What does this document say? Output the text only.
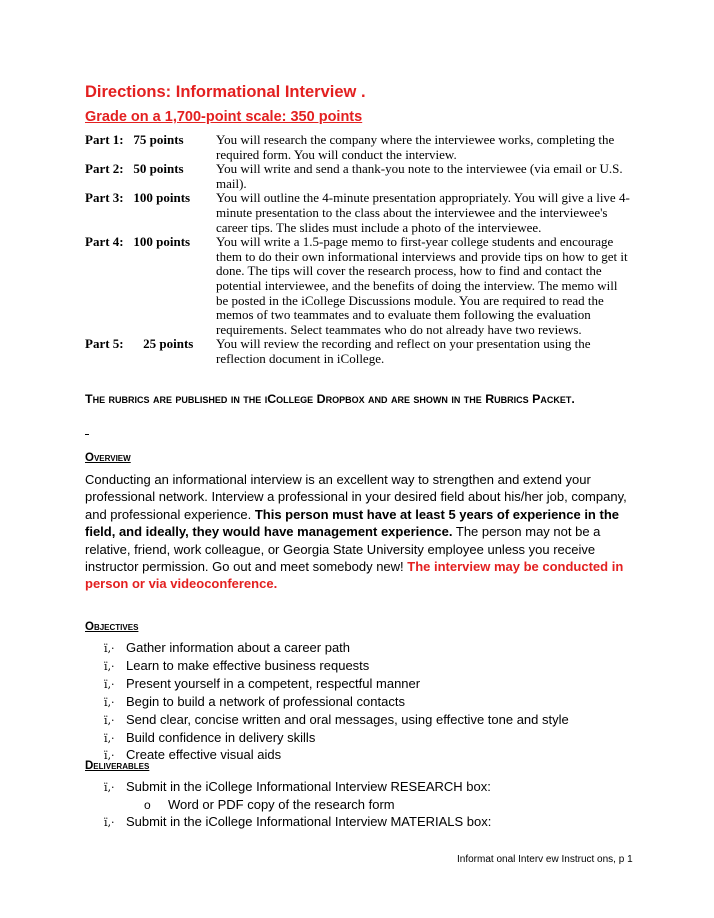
Directions: Informational Interview .
Grade on a 1,700-point scale: 350 points
Part 1:   75 points You will research the company where the interviewee works, completing the required form. You will conduct the interview.
Part 2:   50 points You will write and send a thank-you note to the interviewee (via email or U.S. mail).
Part 3:   100 points You will outline the 4-minute presentation appropriately. You will give a live 4-minute presentation to the class about the interviewee and the interviewee's career tips. The slides must include a photo of the interviewee.
Part 4:   100 points You will write a 1.5-page memo to first-year college students and encourage them to do their own informational interviews and provide tips on how to get it done. The tips will cover the research process, how to find and contact the potential interviewee, and the benefits of doing the interview. The memo will be posted in the iCollege Discussions module. You are required to read the memos of two teammates and to evaluate them following the evaluation requirements. Select teammates who do not already have two reviews.
Part 5:      25 points You will review the recording and reflect on your presentation using the reflection document in iCollege.
The rubrics are published in the iCollege Dropbox and are shown in the Rubrics Packet.
Overview
Conducting an informational interview is an excellent way to strengthen and extend your professional network. Interview a professional in your desired field about his/her job, company, and professional experience. This person must have at least 5 years of experience in the field, and ideally, they would have management experience. The person may not be a relative, friend, work colleague, or Georgia State University employee unless you receive instructor permission. Go out and meet somebody new! The interview may be conducted in person or via videoconference.
Objectives
ï‚· Gather information about a career path
ï‚· Learn to make effective business requests
ï‚· Present yourself in a competent, respectful manner
ï‚· Begin to build a network of professional contacts
ï‚· Send clear, concise written and oral messages, using effective tone and style
ï‚· Build confidence in delivery skills
ï‚· Create effective visual aids
Deliverables
ï‚· Submit in the iCollege Informational Interview RESEARCH box:
o Word or PDF copy of the research form
ï‚· Submit in the iCollege Informational Interview MATERIALS box:
Informat onal Interv ew Instruct ons, p 1
